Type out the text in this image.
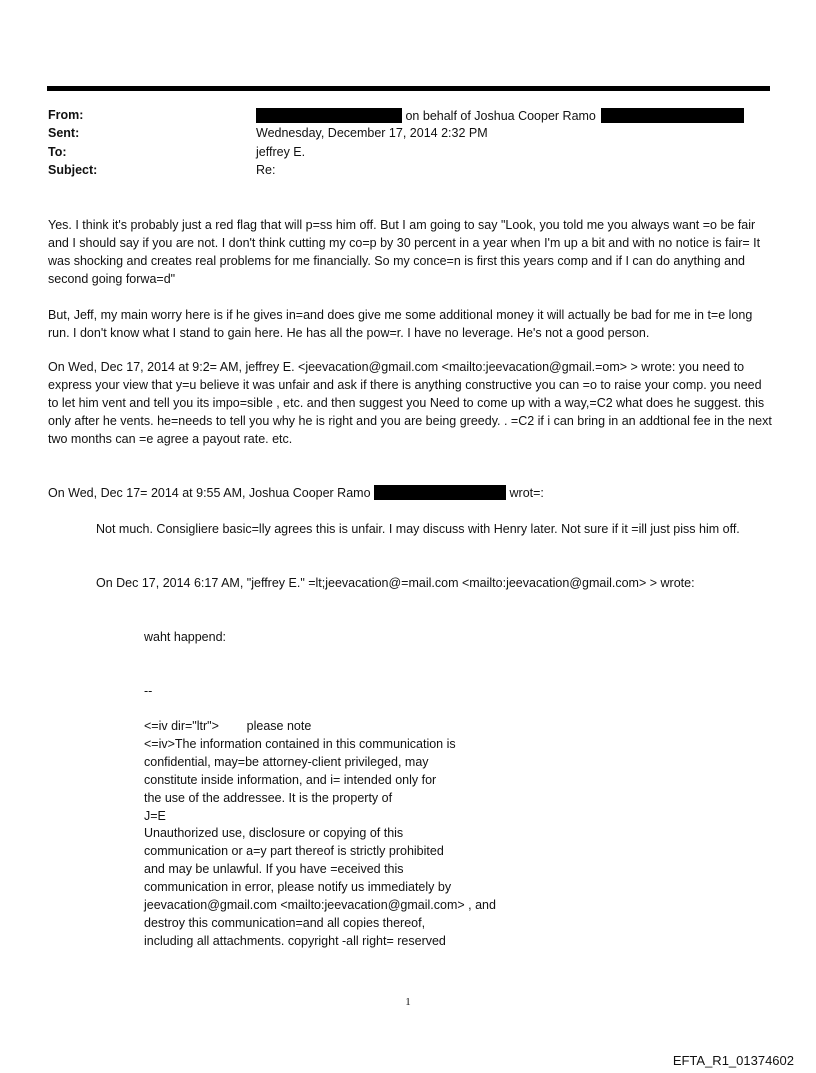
From:	on behalf of Joshua Cooper Ramo
Sent:	Wednesday, December 17, 2014 2:32 PM
To:	jeffrey E.
Subject:	Re:

Yes. I think it's probably just a red flag that will p=ss him off. But I am going to say "Look, you told me you always want =o be fair and I should say if you are not. I don't think cutting my co=p by 30 percent in a year when I'm up a bit and with no notice is fair= It was shocking and creates real problems for me financially. So my conce=n is first this years comp and if I can do anything and second going forwa=d"

But, Jeff, my main worry here is if he gives in=and does give me some additional money it will actually be bad for me in t=e long run. I don't know what I stand to gain here. He has all the pow=r. I have no leverage. He's not a good person.

On Wed, Dec 17, 2014 at 9:2= AM, jeffrey E. <jeevacation@gmail.com <mailto:jeevacation@gmail.=om> > wrote: you need to express your view that y=u believe it was unfair and ask if there is anything constructive you can =o to raise your comp. you need to let him vent and tell you its impo=sible , etc. and then suggest you Need to come up with a way,=C2 what does he suggest. this only after he vents. he=needs to tell you why he is right and you are being greedy. . =C2 if i can bring in an addtional fee in the next two months can =e agree a payout rate. etc.

On Wed, Dec 17= 2014 at 9:55 AM, Joshua Cooper Ramo	wrot=:

Not much. Consigliere basic=lly agrees this is unfair. I may discuss with Henry later. Not sure if it =ill just piss him off.

On Dec 17, 2014 6:17 AM, "jeffrey E." =lt;jeevacation@=mail.com <mailto:jeevacation@gmail.com> > wrote:

waht happend:
--
<=iv dir="ltr">        please note
<=iv>The information contained in this communication is
confidential, may=be attorney-client privileged, may
constitute inside information, and i= intended only for
the use of the addressee. It is the property of
J=E
Unauthorized use, disclosure or copying of this
communication or a=y part thereof is strictly prohibited
and may be unlawful. If you have =eceived this
communication in error, please notify us immediately by
jeevacation@gmail.com <mailto:jeevacation@gmail.com> , and
destroy this communication=and all copies thereof,
including all attachments. copyright -all right= reserved
1
EFTA_R1_01374602
